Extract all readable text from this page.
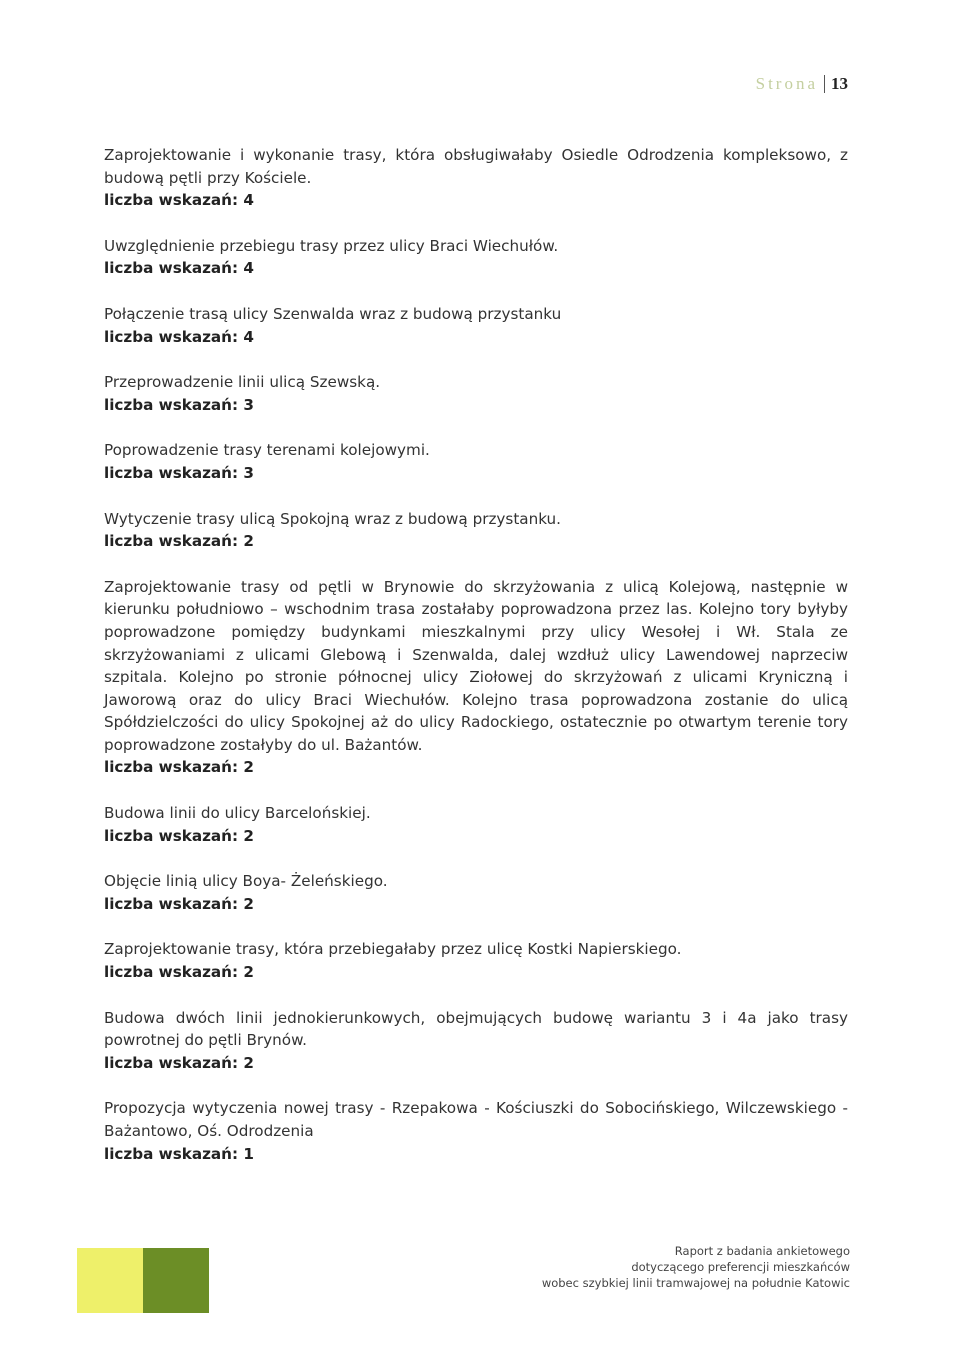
Strona 13

Zaprojektowanie i wykonanie trasy, która obsługiwałaby Osiedle Odrodzenia kompleksowo, z budową pętli przy Kościele.

liczba wskazań: 4

Uwzględnienie przebiegu trasy przez ulicy Braci Wiechułów.

liczba wskazań: 4

Połączenie trasą ulicy Szenwalda wraz z budową przystanku

liczba wskazań: 4

Przeprowadzenie linii ulicą Szewską.

liczba wskazań: 3

Poprowadzenie trasy terenami kolejowymi.

liczba wskazań: 3

Wytyczenie trasy ulicą Spokojną wraz z budową przystanku.

liczba wskazań: 2

Zaprojektowanie trasy od pętli w Brynowie do skrzyżowania z ulicą Kolejową, następnie w kierunku południowo – wschodnim trasa zostałaby poprowadzona przez las. Kolejno tory byłyby poprowadzone pomiędzy budynkami mieszkalnymi przy ulicy Wesołej i Wł. Stala ze skrzyżowaniami z ulicami Glebową i Szenwalda, dalej wzdłuż ulicy Lawendowej naprzeciw szpitala. Kolejno po stronie północnej ulicy Ziołowej do skrzyżowań z ulicami Kryniczną i Jaworową oraz do ulicy Braci Wiechułów. Kolejno trasa poprowadzona zostanie do ulicą Spółdzielczości do ulicy Spokojnej aż do ulicy Radockiego, ostatecznie po otwartym terenie tory poprowadzone zostałyby do ul. Bażantów.

liczba wskazań: 2

Budowa linii do ulicy Barcelońskiej.

liczba wskazań: 2

Objęcie linią ulicy Boya- Żeleńskiego.

liczba wskazań: 2

Zaprojektowanie trasy, która przebiegałaby przez ulicę Kostki Napierskiego.

liczba wskazań: 2

Budowa dwóch linii jednokierunkowych, obejmujących budowę wariantu 3 i 4a jako trasy powrotnej do pętli Brynów.

liczba wskazań: 2

Propozycja wytyczenia nowej trasy - Rzepakowa - Kościuszki do Sobocińskiego, Wilczewskiego - Bażantowo, Oś. Odrodzenia

liczba wskazań: 1
Raport z badania ankietowego
dotyczącego preferencji mieszkańców
wobec szybkiej linii tramwajowej na południe Katowic
